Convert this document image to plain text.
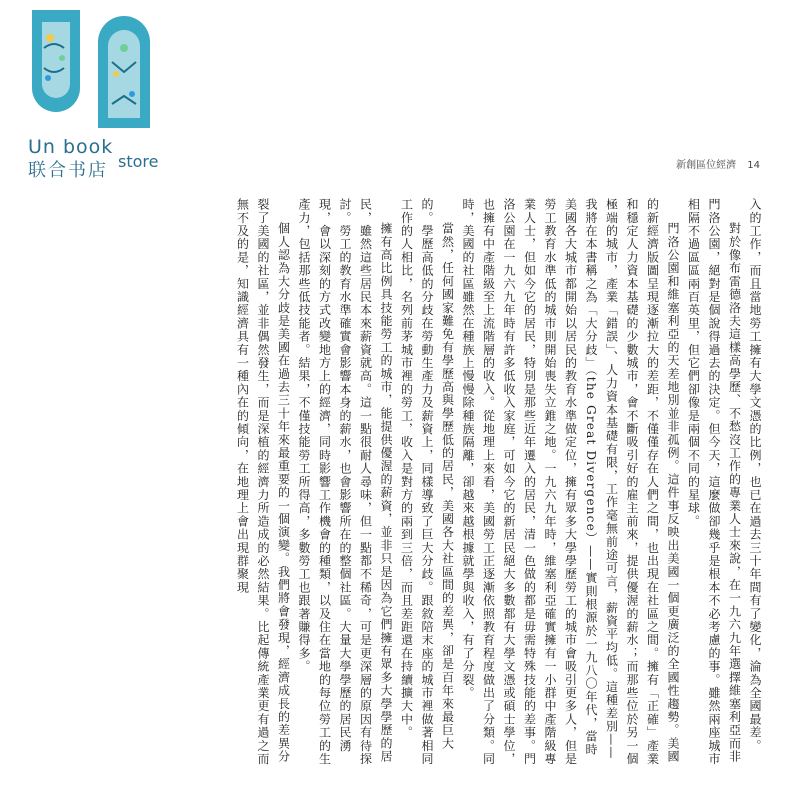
Un book
store
联合书店	新創區位經濟 14

入的工作，而且當地勞工擁有大學文憑的比例，也已在過去三十年間有了變化，淪為全國最差。

對於像布雷德洛夫這樣高學歷、不愁沒工作的專業人士來說，在一九六九年選擇維塞利亞而非門洛公園，絕對是個說得過去的決定。但今天，這麼做卻幾乎是根本不必考慮的事。雖然兩座城市相隔不過區區兩百英里，但它們卻像是兩個不同的星球。

門洛公園和維塞利亞的天差地別並非孤例。這件事反映出美國一個更廣泛的全國性趨勢。美國的新經濟版圖呈現逐漸拉大的差距，不僅僅存在人們之間，也出現在社區之間。擁有「正確」產業和穩定人力資本基礎的少數城市，會不斷吸引好的雇主前來，提供優渥的薪水；而那些位於另一個極端的城市，產業「錯誤」、人力資本基礎有限，工作毫無前途可言，薪資平均低。這種差別——我將在本書稱之為「大分歧」（the Great Divergence）——實則根源於一九八〇年代，當時美國各大城市都開始以居民的教育水準做定位，擁有眾多大學學歷勞工的城市會吸引更多人，但是勞工教育水準低的城市則開始喪失立錐之地。一九六九年時，維塞利亞確實擁有一小群中產階級專業人士，但如今它的居民，特別是那些近年遷入的居民，清一色做的都是毋需特殊技能的差事。門洛公園在一九六九年時有許多低收入家庭，可如今它的新居民絕大多數都有大學文憑或碩士學位，也擁有中產階級至上流階層的收入。從地理上來看，美國勞工正逐漸依照教育程度做出了分類。同時，美國的社區雖然在種族上慢慢除種族隔離，卻越來越根據就學與收入，有了分裂。

當然，任何國家難免有學歷高與學歷低的居民，美國各大社區間的差異，卻是百年來最巨大的。學歷高低的分歧在勞動生產力及薪資上，同樣導致了巨大分歧。跟敘陪末座的城市裡做著相同工作的人相比，名列前茅城市裡的勞工，收入是對方的兩到三倍，而且差距還在持續擴大中。

擁有高比例具技能勞工的城市，能提供優渥的薪資，並非只是因為它們擁有眾多大學學歷的居民，雖然這些居民本來薪資就高。這一點很耐人尋味，但一點都不稀奇，可是更深層的原因有待探討。勞工的教育水準確實會影響本身的薪水，也會影響所在的整個社區。大量大學學歷的居民湧現，會以深刻的方式改變地方上的經濟，同時影響工作機會的種類，以及住在當地的每位勞工的生產力，包括那些低技能者。結果，不僅技能勞工所得高，多數勞工也跟著賺得多。

個人認為大分歧是美國在過去三十年來最重要的一個演變。我們將會發現，經濟成長的差異分裂了美國的社區，並非偶然發生，而是深植的經濟力所造成的必然結果。比起傳統產業更有過之而無不及的是，知識經濟具有一種內在的傾向，在地理上會出現群聚現
